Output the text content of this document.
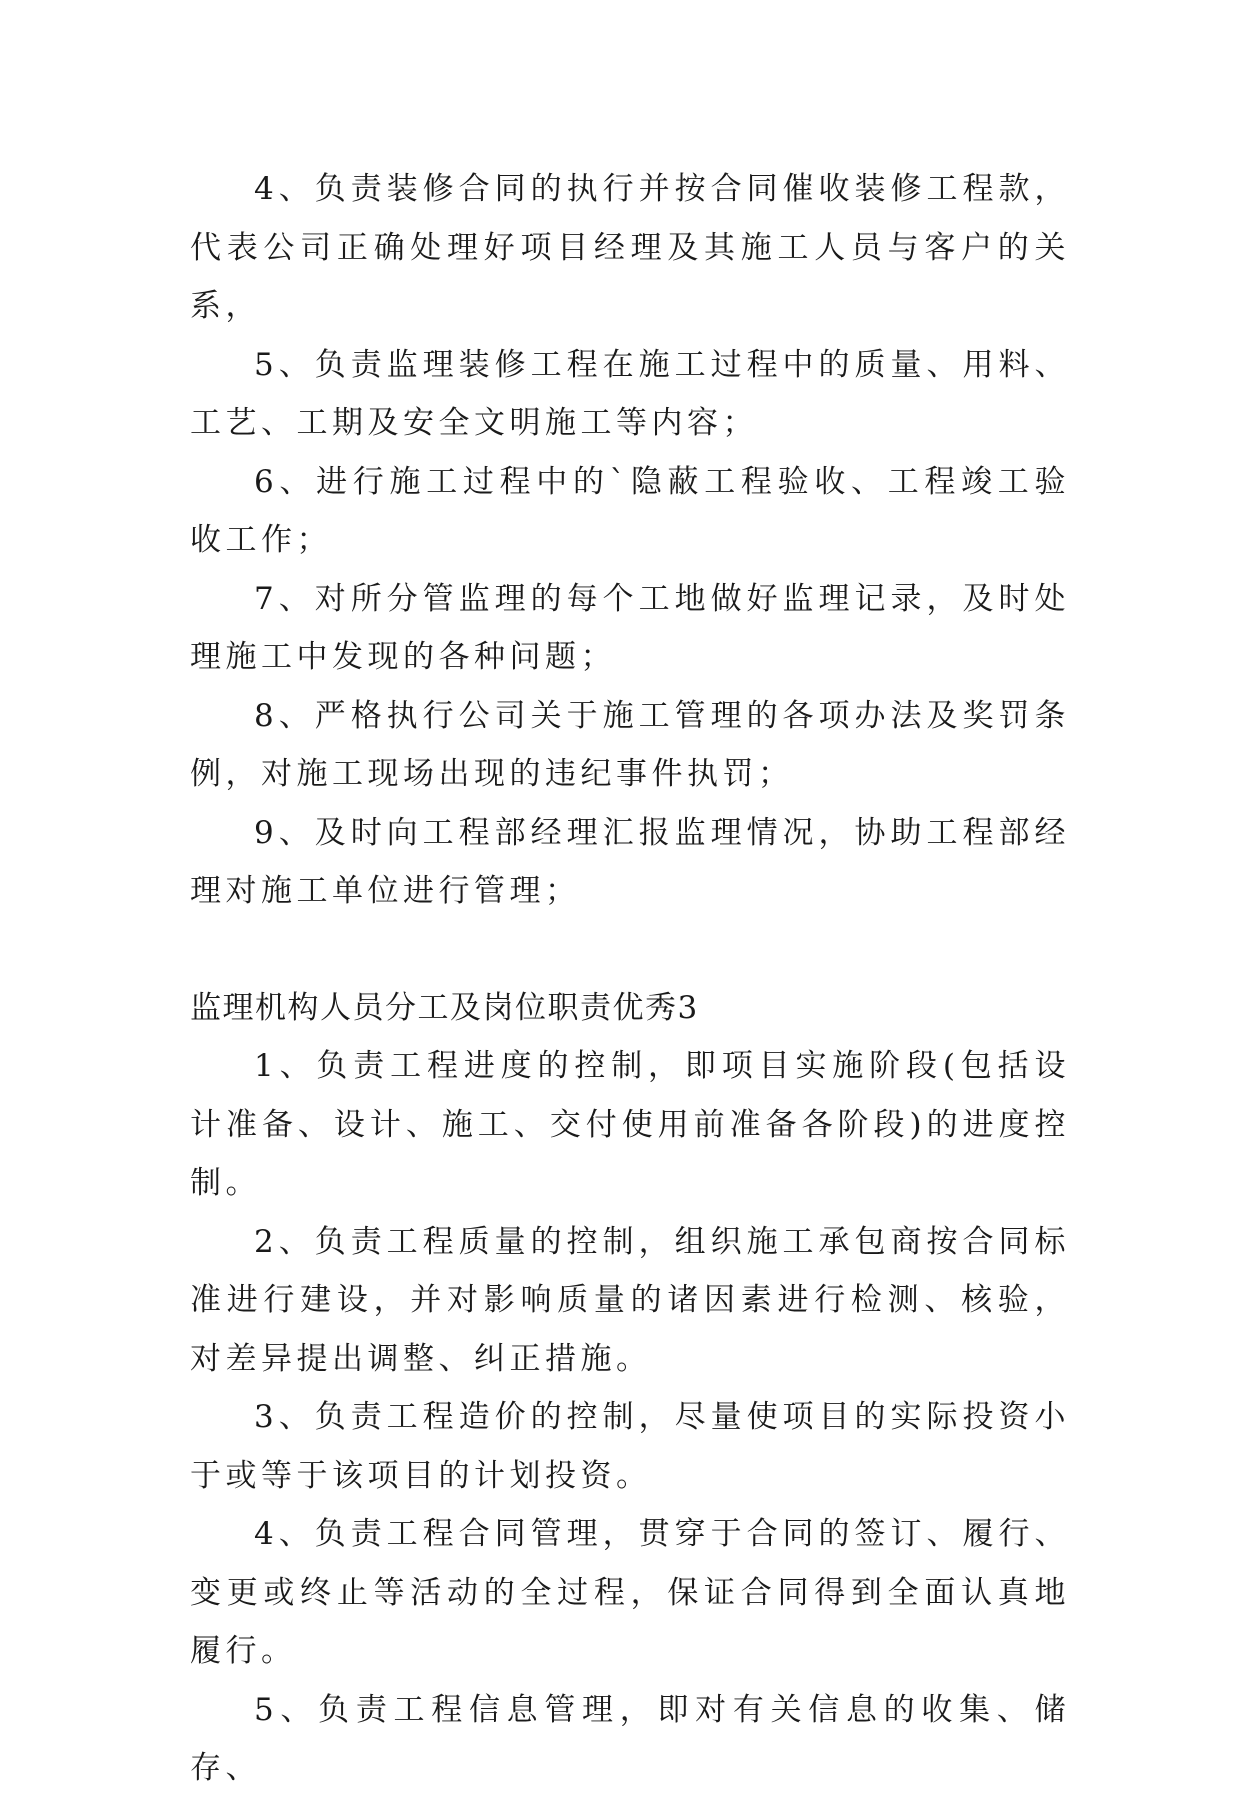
4、负责装修合同的执行并按合同催收装修工程款，代表公司正确处理好项目经理及其施工人员与客户的关系，

5、负责监理装修工程在施工过程中的质量、用料、工艺、工期及安全文明施工等内容；

6、进行施工过程中的`隐蔽工程验收、工程竣工验收工作；

7、对所分管监理的每个工地做好监理记录，及时处理施工中发现的各种问题；

8、严格执行公司关于施工管理的各项办法及奖罚条例，对施工现场出现的违纪事件执罚；

9、及时向工程部经理汇报监理情况，协助工程部经理对施工单位进行管理；

监理机构人员分工及岗位职责优秀3

1、负责工程进度的控制，即项目实施阶段(包括设计准备、设计、施工、交付使用前准备各阶段)的进度控制。

2、负责工程质量的控制，组织施工承包商按合同标准进行建设，并对影响质量的诸因素进行检测、核验，对差异提出调整、纠正措施。

3、负责工程造价的控制，尽量使项目的实际投资小于或等于该项目的计划投资。

4、负责工程合同管理，贯穿于合同的签订、履行、变更或终止等活动的全过程，保证合同得到全面认真地履行。

5、负责工程信息管理，即对有关信息的收集、储存、
